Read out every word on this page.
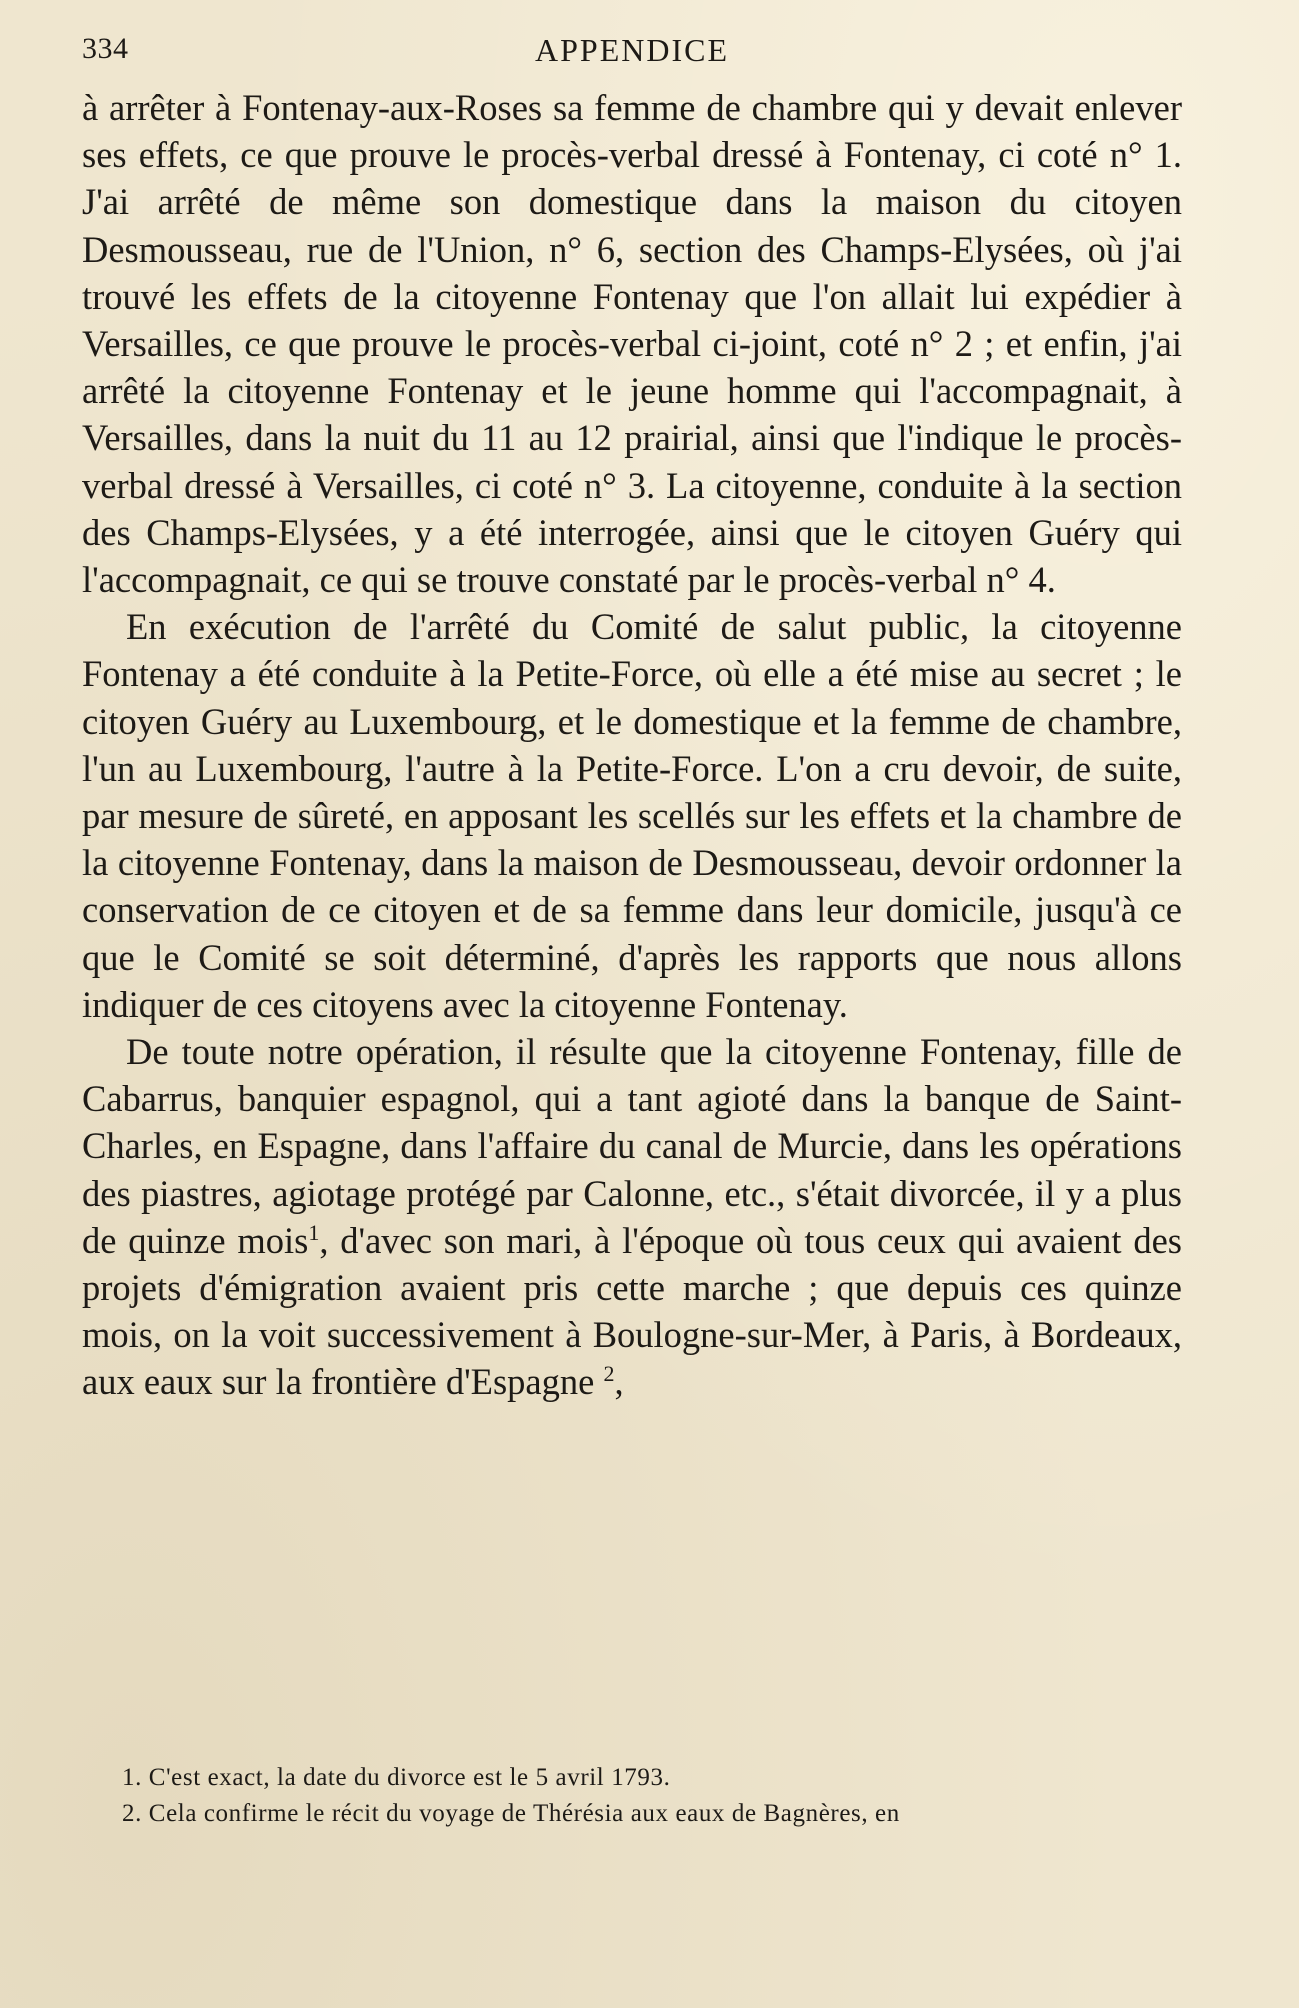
334	APPENDICE

à arrêter à Fontenay-aux-Roses sa femme de chambre qui y devait enlever ses effets, ce que prouve le procès-verbal dressé à Fontenay, ci coté n° 1. J'ai arrêté de même son domestique dans la maison du citoyen Desmousseau, rue de l'Union, n° 6, section des Champs-Elysées, où j'ai trouvé les effets de la citoyenne Fontenay que l'on allait lui expédier à Versailles, ce que prouve le procès-verbal ci-joint, coté n° 2 ; et enfin, j'ai arrêté la citoyenne Fontenay et le jeune homme qui l'accompagnait, à Versailles, dans la nuit du 11 au 12 prairial, ainsi que l'indique le procès-verbal dressé à Versailles, ci coté n° 3. La citoyenne, conduite à la section des Champs-Elysées, y a été interrogée, ainsi que le citoyen Guéry qui l'accompagnait, ce qui se trouve constaté par le procès-verbal n° 4.

En exécution de l'arrêté du Comité de salut public, la citoyenne Fontenay a été conduite à la Petite-Force, où elle a été mise au secret ; le citoyen Guéry au Luxembourg, et le domestique et la femme de chambre, l'un au Luxembourg, l'autre à la Petite-Force. L'on a cru devoir, de suite, par mesure de sûreté, en apposant les scellés sur les effets et la chambre de la citoyenne Fontenay, dans la maison de Desmousseau, devoir ordonner la conservation de ce citoyen et de sa femme dans leur domicile, jusqu'à ce que le Comité se soit déterminé, d'après les rapports que nous allons indiquer de ces citoyens avec la citoyenne Fontenay.

De toute notre opération, il résulte que la citoyenne Fontenay, fille de Cabarrus, banquier espagnol, qui a tant agioté dans la banque de Saint-Charles, en Espagne, dans l'affaire du canal de Murcie, dans les opérations des piastres, agiotage protégé par Calonne, etc., s'était divorcée, il y a plus de quinze mois$^1$, d'avec son mari, à l'époque où tous ceux qui avaient des projets d'émigration avaient pris cette marche ; que depuis ces quinze mois, on la voit successivement à Boulogne-sur-Mer, à Paris, à Bordeaux, aux eaux sur la frontière d'Espagne $^2$,

1. C'est exact, la date du divorce est le 5 avril 1793.

2. Cela confirme le récit du voyage de Thérésia aux eaux de Bagnères, en
